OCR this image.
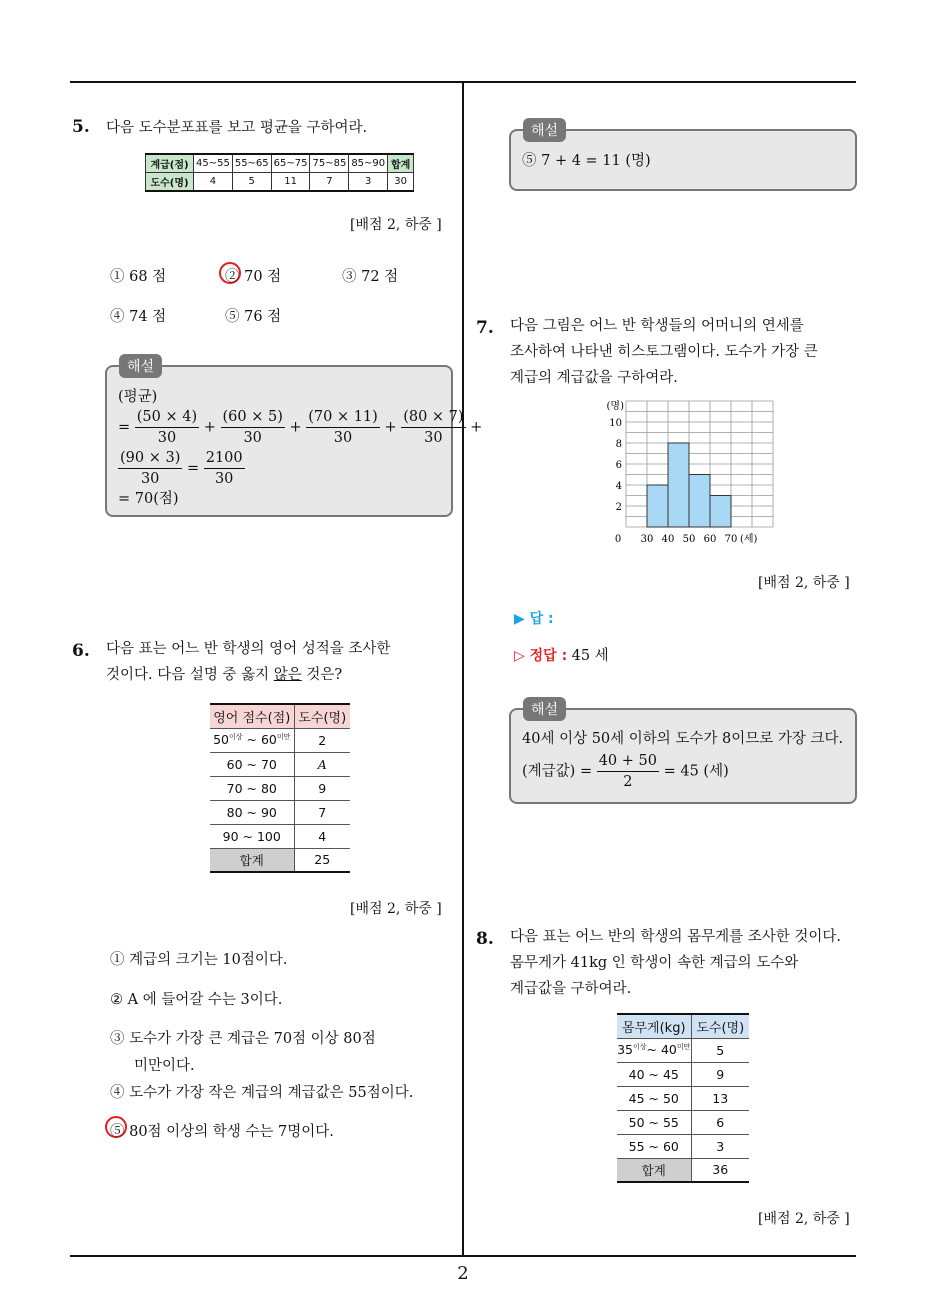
2
5. 다음 도수분포표를 보고 평균을 구하여라.
계급(점)	45~55	55~65	65~75	75~85	85~90	합계
도수(명)	4	5	11	7	3	30
[배점 2, 하중 ]
① 68 점	② 70 점	③ 72 점
④ 74 점	⑤ 76 점
해설
(평균)
= $\frac{(50 \times 4)}{30} + \frac{(60 \times 5)}{30} + \frac{(70 \times 11)}{30} + \frac{(80 \times 7)}{30}$ +
$\frac{(90 \times 3)}{30} = \frac{2100}{30}$
= 70(점)
6. 다음 표는 어느 반 학생의 영어 성적을 조사한
것이다. 다음 설명 중 옳지 않은 것은?
영어 점수(점)	도수(명)
$50^{이상}$ ~ $60^{미만}$	2
60 ~ 70	A
70 ~ 80	9
80 ~ 90	7
90 ~ 100	4
합계	25
[배점 2, 하중 ]
① 계급의 크기는 10점이다.
② A 에 들어갈 수는 3이다.
③ 도수가 가장 큰 계급은 70점 이상 80점
미만이다.
④ 도수가 가장 작은 계급의 계급값은 55점이다.
⑤ 80점 이상의 학생 수는 7명이다.
해설
⑤ 7 + 4 = 11 (명)
7. 다음 그림은 어느 반 학생들의 어머니의 연세를
조사하여 나타낸 히스토그램이다. 도수가 가장 큰
계급의 계급값을 구하여라.
2
4
6
8
10
(명)
0 30 40 50 60 70 (세)
[배점 2, 하중 ]
▶ 답 :
▷ 정답 : 45 세
해설
40세 이상 50세 이하의 도수가 8이므로 가장 크다.
(계급값) = $\frac{40 + 50}{2} = 45$ (세)
8. 다음 표는 어느 반의 학생의 몸무게를 조사한 것이다.
몸무게가 41kg 인 학생이 속한 계급의 도수와
계급값을 구하여라.
몸무게(kg)	도수(명)
$35^{이상}\sim$ $40^{미만}$	5
40 ~ 45	9
45 ~ 50	13
50 ~ 55	6
55 ~ 60	3
합계	36
[배점 2, 하중 ]
